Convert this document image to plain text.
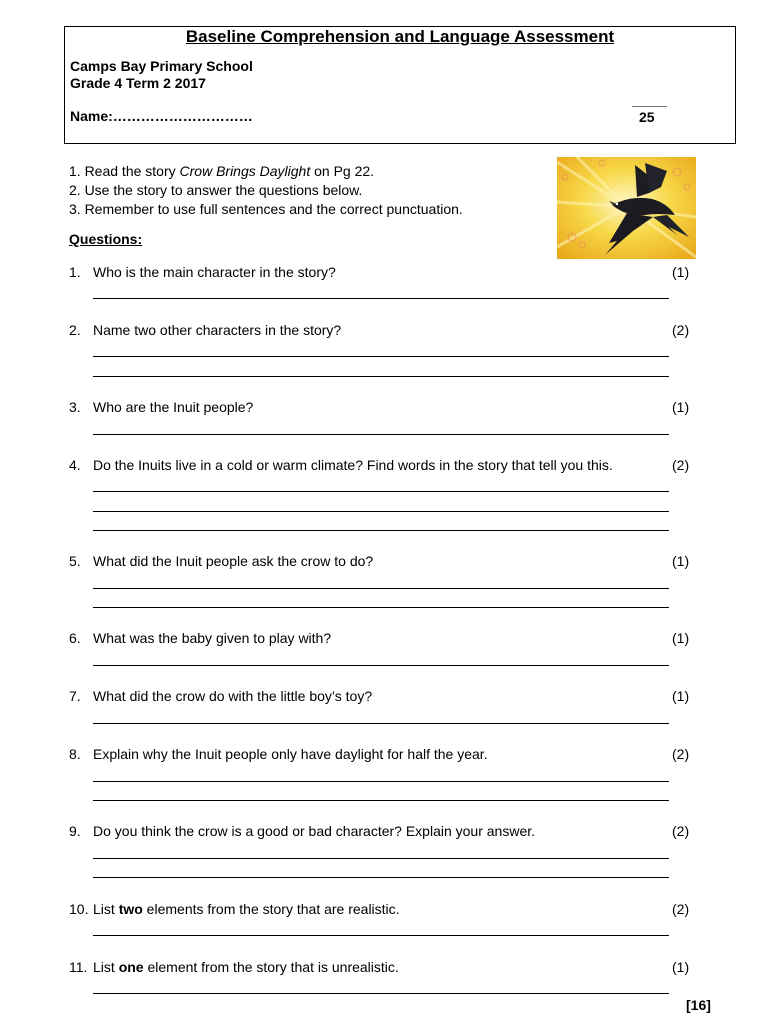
Baseline Comprehension and Language Assessment
Camps Bay Primary School
Grade 4 Term 2 2017
Name:…………………………	25
1. Read the story Crow Brings Daylight on Pg 22.
2. Use the story to answer the questions below.
3. Remember to use full sentences and the correct punctuation.
Questions:
1. Who is the main character in the story?	(1)
2. Name two other characters in the story?	(2)
3. Who are the Inuit people?	(1)
4. Do the Inuits live in a cold or warm climate? Find words in the story that tell you this.	(2)
5. What did the Inuit people ask the crow to do?	(1)
6. What was the baby given to play with?	(1)
7. What did the crow do with the little boy’s toy?	(1)
8. Explain why the Inuit people only have daylight for half the year.	(2)
9. Do you think the crow is a good or bad character? Explain your answer.	(2)
10. List two elements from the story that are realistic.	(2)
11. List one element from the story that is unrealistic.	(1)
[16]
